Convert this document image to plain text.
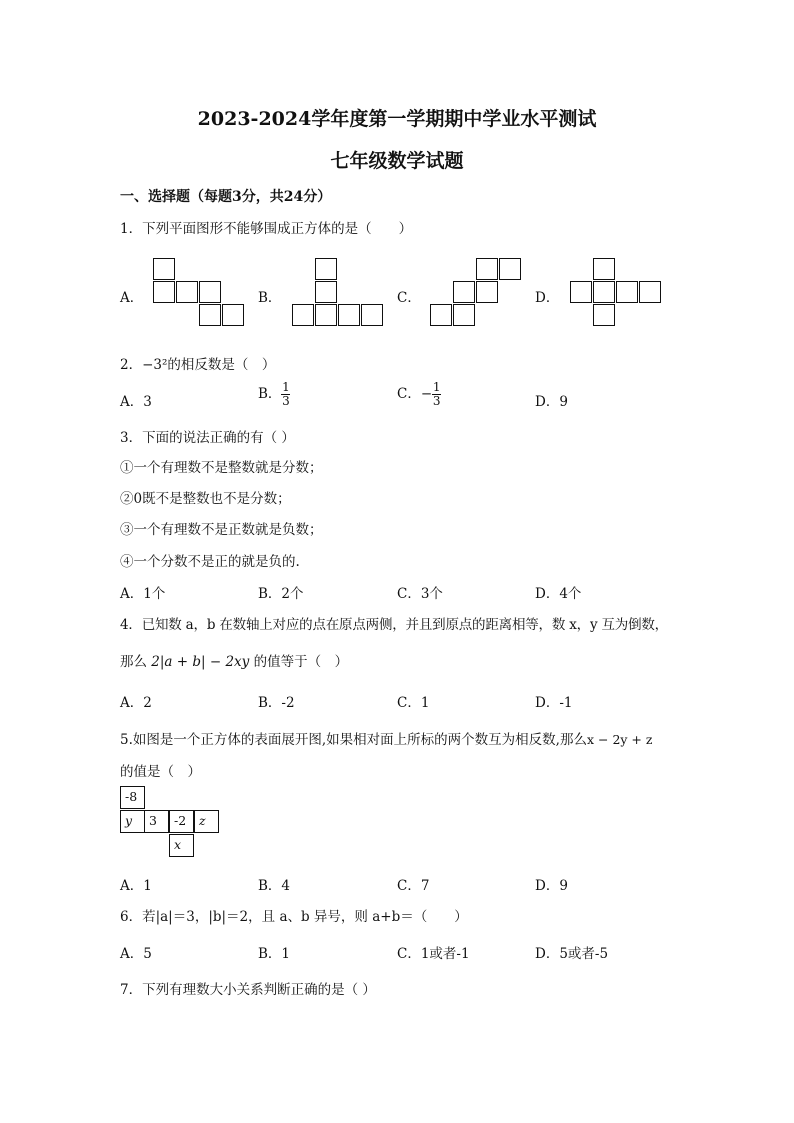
2023-2024学年度第一学期期中学业水平测试
七年级数学试题
一、选择题（每题3分，共24分）
1．下列平面图形不能够围成正方体的是（　　）
A．	B．	C．	D．
2．−3²的相反数是（　）
A．3	B． $\frac{1}{3}$	C．− $\frac{1}{3}$	D．9
3．下面的说法正确的有（ ）
①一个有理数不是整数就是分数；
②0既不是整数也不是分数；
③一个有理数不是正数就是负数；
④一个分数不是正的就是负的.
A．1个	B．2个	C．3个	D．4个
4．已知数 a，b 在数轴上对应的点在原点两侧，并且到原点的距离相等，数 x，y 互为倒数，
那么 2|a + b| − 2xy 的值等于（　）
A．2	B．-2	C．1	D．-1
5.如图是一个正方体的表面展开图,如果相对面上所标的两个数互为相反数,那么x − 2y + z
的值是（　）
-8
y	3	-2	z
x
A．1	B．4	C．7	D．9
6．若|a|＝3，|b|＝2，且 a、b 异号，则 a+b＝（　　）
A．5	B．1	C．1或者-1	D．5或者-5
7．下列有理数大小关系判断正确的是（ ）
